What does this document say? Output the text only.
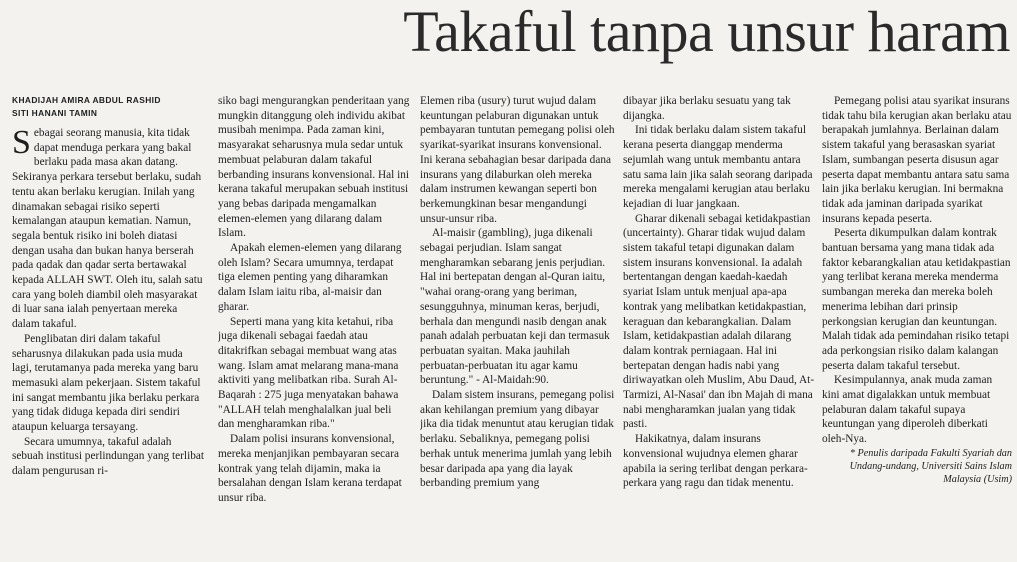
Takaful tanpa unsur haram
KHADIJAH AMIRA ABDUL RASHID
SITI HANANI TAMIN

Sebagai seorang manusia, kita tidak dapat menduga perkara yang bakal berlaku pada masa akan datang. Sekiranya perkara tersebut berlaku, sudah tentu akan berlaku kerugian. Inilah yang dinamakan sebagai risiko seperti kemalangan ataupun kematian. Namun, segala bentuk risiko ini boleh diatasi dengan usaha dan bukan hanya berserah pada qadak dan qadar serta bertawakal kepada ALLAH SWT. Oleh itu, salah satu cara yang boleh diambil oleh masyarakat di luar sana ialah penyertaan mereka dalam takaful.

Penglibatan diri dalam takaful seharusnya dilakukan pada usia muda lagi, terutamanya pada mereka yang baru memasuki alam pekerjaan. Sistem takaful ini sangat membantu jika berlaku perkara yang tidak diduga kepada diri sendiri ataupun keluarga tersayang.

Secara umumnya, takaful adalah sebuah institusi perlindungan yang terlibat dalam pengurusan ri-

siko bagi mengurangkan penderitaan yang mungkin ditanggung oleh individu akibat musibah menimpa. Pada zaman kini, masyarakat seharusnya mula sedar untuk membuat pelaburan dalam takaful berbanding insurans konvensional. Hal ini kerana takaful merupakan sebuah institusi yang bebas daripada mengamalkan elemen-elemen yang dilarang dalam Islam.

Apakah elemen-elemen yang dilarang oleh Islam? Secara umumnya, terdapat tiga elemen penting yang diharamkan dalam Islam iaitu riba, al-maisir dan gharar.

Seperti mana yang kita ketahui, riba juga dikenali sebagai faedah atau ditakrifkan sebagai membuat wang atas wang. Islam amat melarang mana-mana aktiviti yang melibatkan riba. Surah Al-Baqarah : 275 juga menyatakan bahawa "ALLAH telah menghalalkan jual beli dan mengharamkan riba."

Dalam polisi insurans konvensional, mereka menjanjikan pembayaran secara kontrak yang telah dijamin, maka ia bersalahan dengan Islam kerana terdapat unsur riba.

Elemen riba (usury) turut wujud dalam keuntungan pelaburan digunakan untuk pembayaran tuntutan pemegang polisi oleh syarikat-syarikat insurans konvensional. Ini kerana sebahagian besar daripada dana insurans yang dilaburkan oleh mereka dalam instrumen kewangan seperti bon berkemungkinan besar mengandungi unsur-unsur riba.

Al-maisir (gambling), juga dikenali sebagai perjudian. Islam sangat mengharamkan sebarang jenis perjudian. Hal ini bertepatan dengan al-Quran iaitu, "wahai orang-orang yang beriman, sesungguhnya, minuman keras, berjudi, berhala dan mengundi nasib dengan anak panah adalah perbuatan keji dan termasuk perbuatan syaitan. Maka jauhilah perbuatan-perbuatan itu agar kamu beruntung." - Al-Maidah:90.

Dalam sistem insurans, pemegang polisi akan kehilangan premium yang dibayar jika dia tidak menuntut atau kerugian tidak berlaku. Sebaliknya, pemegang polisi berhak untuk menerima jumlah yang lebih besar daripada apa yang dia layak berbanding premium yang

dibayar jika berlaku sesuatu yang tak dijangka.

Ini tidak berlaku dalam sistem takaful kerana peserta dianggap menderma sejumlah wang untuk membantu antara satu sama lain jika salah seorang daripada mereka mengalami kerugian atau berlaku kejadian di luar jangkaan.

Gharar dikenali sebagai ketidakpastian (uncertainty). Gharar tidak wujud dalam sistem takaful tetapi digunakan dalam sistem insurans konvensional. Ia adalah bertentangan dengan kaedah-kaedah syariat Islam untuk menjual apa-apa kontrak yang melibatkan ketidakpastian, keraguan dan kebarangkalian. Dalam Islam, ketidakpastian adalah dilarang dalam kontrak perniagaan. Hal ini bertepatan dengan hadis nabi yang diriwayatkan oleh Muslim, Abu Daud, At-Tarmizi, Al-Nasai' dan ibn Majah di mana nabi mengharamkan jualan yang tidak pasti.

Hakikatnya, dalam insurans konvensional wujudnya elemen gharar apabila ia sering terlibat dengan perkara-perkara yang ragu dan tidak menentu.

Pemegang polisi atau syarikat insurans tidak tahu bila kerugian akan berlaku atau berapakah jumlahnya. Berlainan dalam sistem takaful yang berasaskan syariat Islam, sumbangan peserta disusun agar peserta dapat membantu antara satu sama lain jika berlaku kerugian. Ini bermakna tidak ada jaminan daripada syarikat insurans kepada peserta.

Peserta dikumpulkan dalam kontrak bantuan bersama yang mana tidak ada faktor kebarangkalian atau ketidakpastian yang terlibat kerana mereka menderma sumbangan mereka dan mereka boleh menerima lebihan dari prinsip perkongsian kerugian dan keuntungan. Malah tidak ada pemindahan risiko tetapi ada perkongsian risiko dalam kalangan peserta dalam takaful tersebut.

Kesimpulannya, anak muda zaman kini amat digalakkan untuk membuat pelaburan dalam takaful supaya keuntungan yang diperoleh diberkati oleh-Nya.

* Penulis daripada Fakulti Syariah dan Undang-undang, Universiti Sains Islam Malaysia (Usim)
